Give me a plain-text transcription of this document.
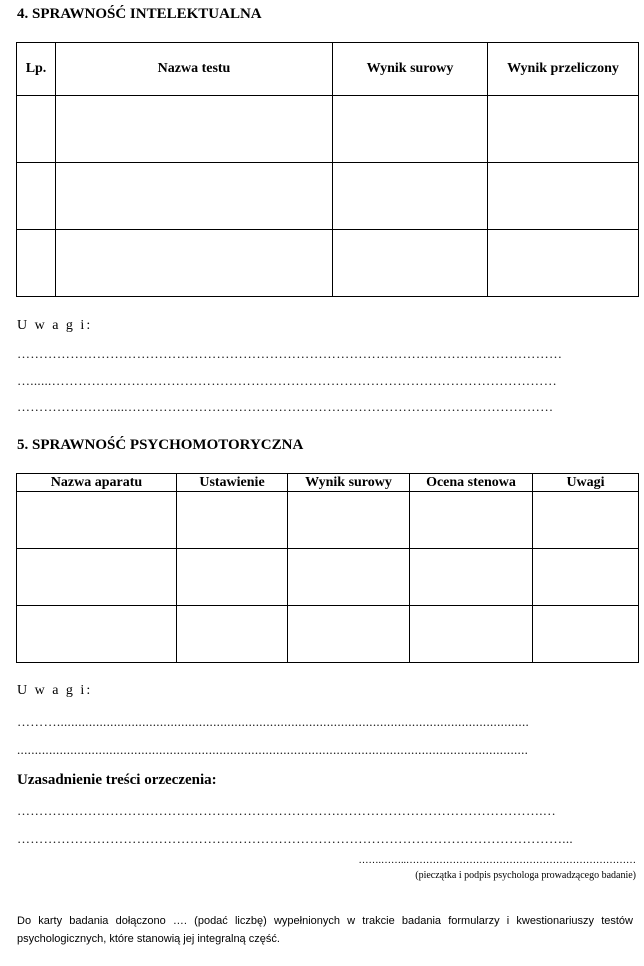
4. SPRAWNOŚĆ INTELEKTUALNA
Lp.	Nazwa testu	Wynik surowy	Wynik przeliczony

U w a g i:
……………………………………………………………………………………………………………
…......……………………………………………………………………………………………………
………………….....……………………………………………………………………………………
5. SPRAWNOŚĆ PSYCHOMOTORYCZNA
Nazwa aparatu	Ustawienie	Wynik surowy	Ocena stenowa	Uwagi

U w a g i:
……….....................................................................................................................................
................................................................................................................................................
Uzasadnienie treści orzeczenia:
……………………………………………………………….……………………………………….…
……………………………………………………………………………………………………………...
…….……..……………………………………………………………
(pieczątka i podpis psychologa prowadzącego badanie)
Do karty badania dołączono …. (podać liczbę) wypełnionych w trakcie badania formularzy i kwestionariuszy testów psychologicznych, które stanowią jej integralną część.
